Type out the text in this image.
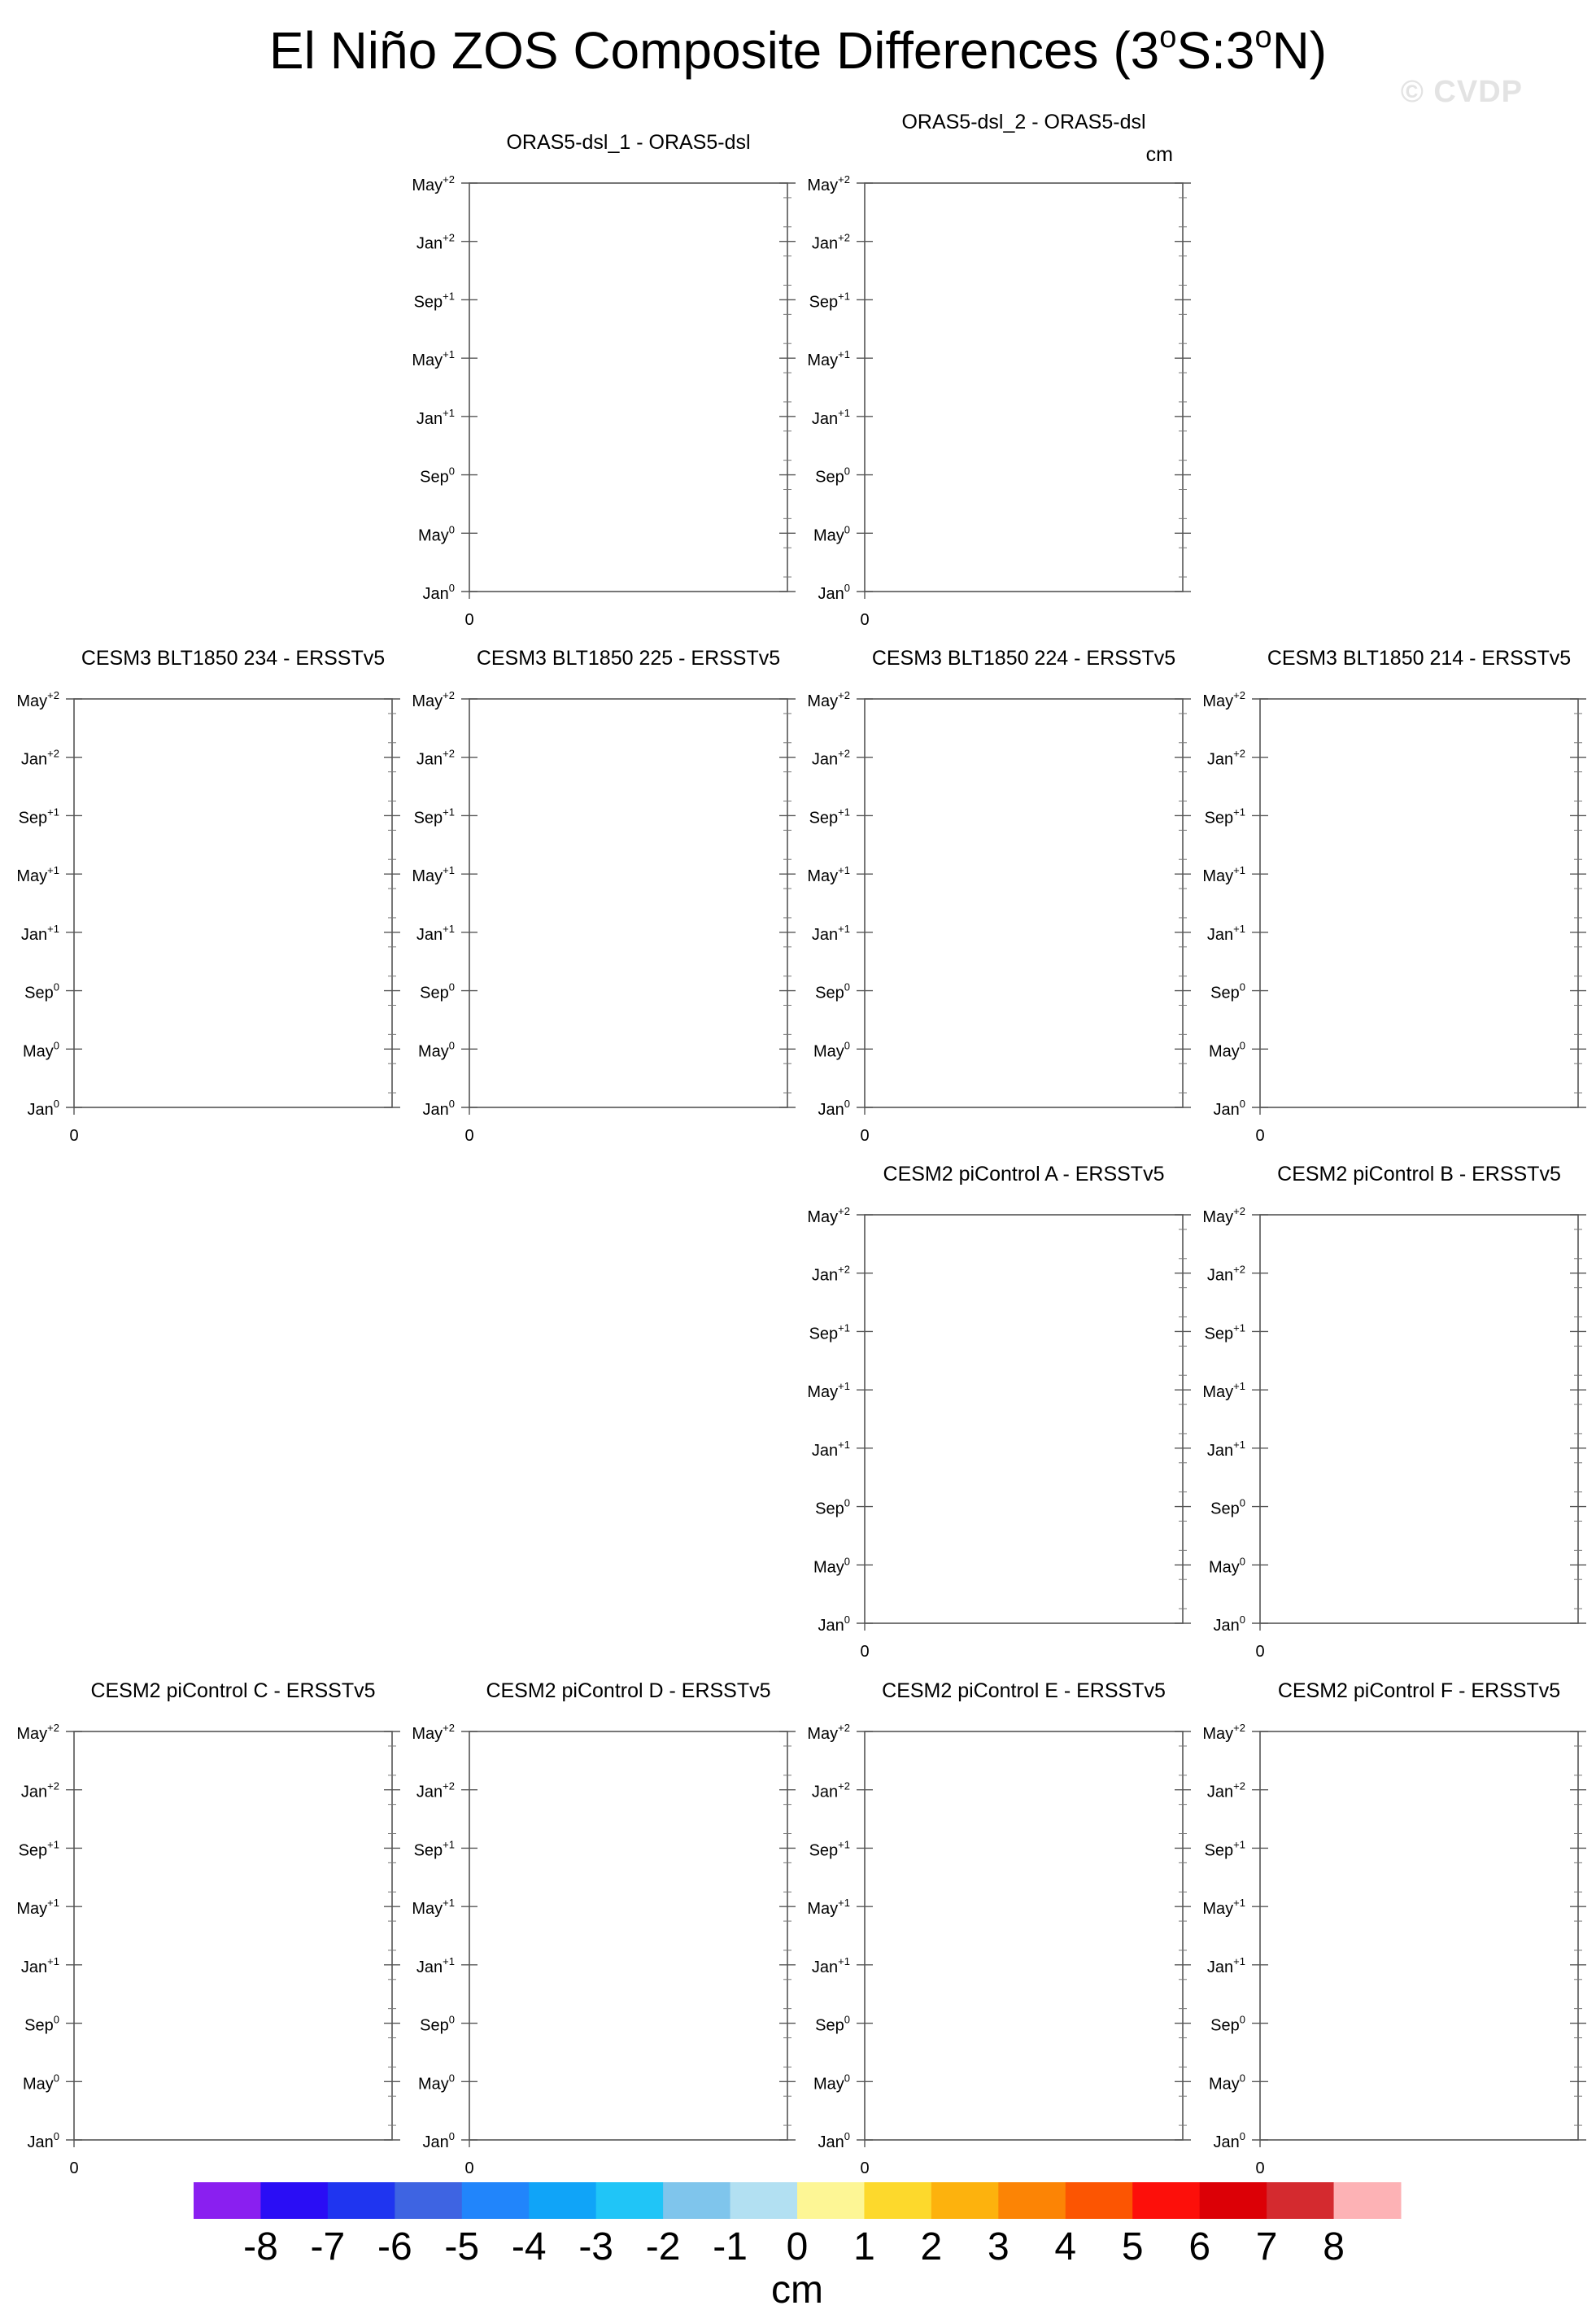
El Niño ZOS Composite Differences (3$^o$S:3$^o$N)
© CVDP
ORAS5-dsl_1 - ORAS5-dsl
Jan$^0$
May$^0$
Sep$^0$
Jan$^{+1}$
May$^{+1}$
Sep$^{+1}$
Jan$^{+2}$
May$^{+2}$
0
ORAS5-dsl_2 - ORAS5-dsl
Jan$^0$
May$^0$
Sep$^0$
Jan$^{+1}$
May$^{+1}$
Sep$^{+1}$
Jan$^{+2}$
May$^{+2}$
0
cm
CESM3 BLT1850 234 - ERSSTv5
Jan$^0$
May$^0$
Sep$^0$
Jan$^{+1}$
May$^{+1}$
Sep$^{+1}$
Jan$^{+2}$
May$^{+2}$
0
CESM3 BLT1850 225 - ERSSTv5
Jan$^0$
May$^0$
Sep$^0$
Jan$^{+1}$
May$^{+1}$
Sep$^{+1}$
Jan$^{+2}$
May$^{+2}$
0
CESM3 BLT1850 224 - ERSSTv5
Jan$^0$
May$^0$
Sep$^0$
Jan$^{+1}$
May$^{+1}$
Sep$^{+1}$
Jan$^{+2}$
May$^{+2}$
0
CESM3 BLT1850 214 - ERSSTv5
Jan$^0$
May$^0$
Sep$^0$
Jan$^{+1}$
May$^{+1}$
Sep$^{+1}$
Jan$^{+2}$
May$^{+2}$
0
CESM2 piControl A - ERSSTv5
Jan$^0$
May$^0$
Sep$^0$
Jan$^{+1}$
May$^{+1}$
Sep$^{+1}$
Jan$^{+2}$
May$^{+2}$
0
CESM2 piControl B - ERSSTv5
Jan$^0$
May$^0$
Sep$^0$
Jan$^{+1}$
May$^{+1}$
Sep$^{+1}$
Jan$^{+2}$
May$^{+2}$
0
CESM2 piControl C - ERSSTv5
Jan$^0$
May$^0$
Sep$^0$
Jan$^{+1}$
May$^{+1}$
Sep$^{+1}$
Jan$^{+2}$
May$^{+2}$
0
CESM2 piControl D - ERSSTv5
Jan$^0$
May$^0$
Sep$^0$
Jan$^{+1}$
May$^{+1}$
Sep$^{+1}$
Jan$^{+2}$
May$^{+2}$
0
CESM2 piControl E - ERSSTv5
Jan$^0$
May$^0$
Sep$^0$
Jan$^{+1}$
May$^{+1}$
Sep$^{+1}$
Jan$^{+2}$
May$^{+2}$
0
CESM2 piControl F - ERSSTv5
Jan$^0$
May$^0$
Sep$^0$
Jan$^{+1}$
May$^{+1}$
Sep$^{+1}$
Jan$^{+2}$
May$^{+2}$
0
-8 -7 -6 -5 -4 -3 -2 -1 0 1 2 3 4 5 6 7 8
cm
